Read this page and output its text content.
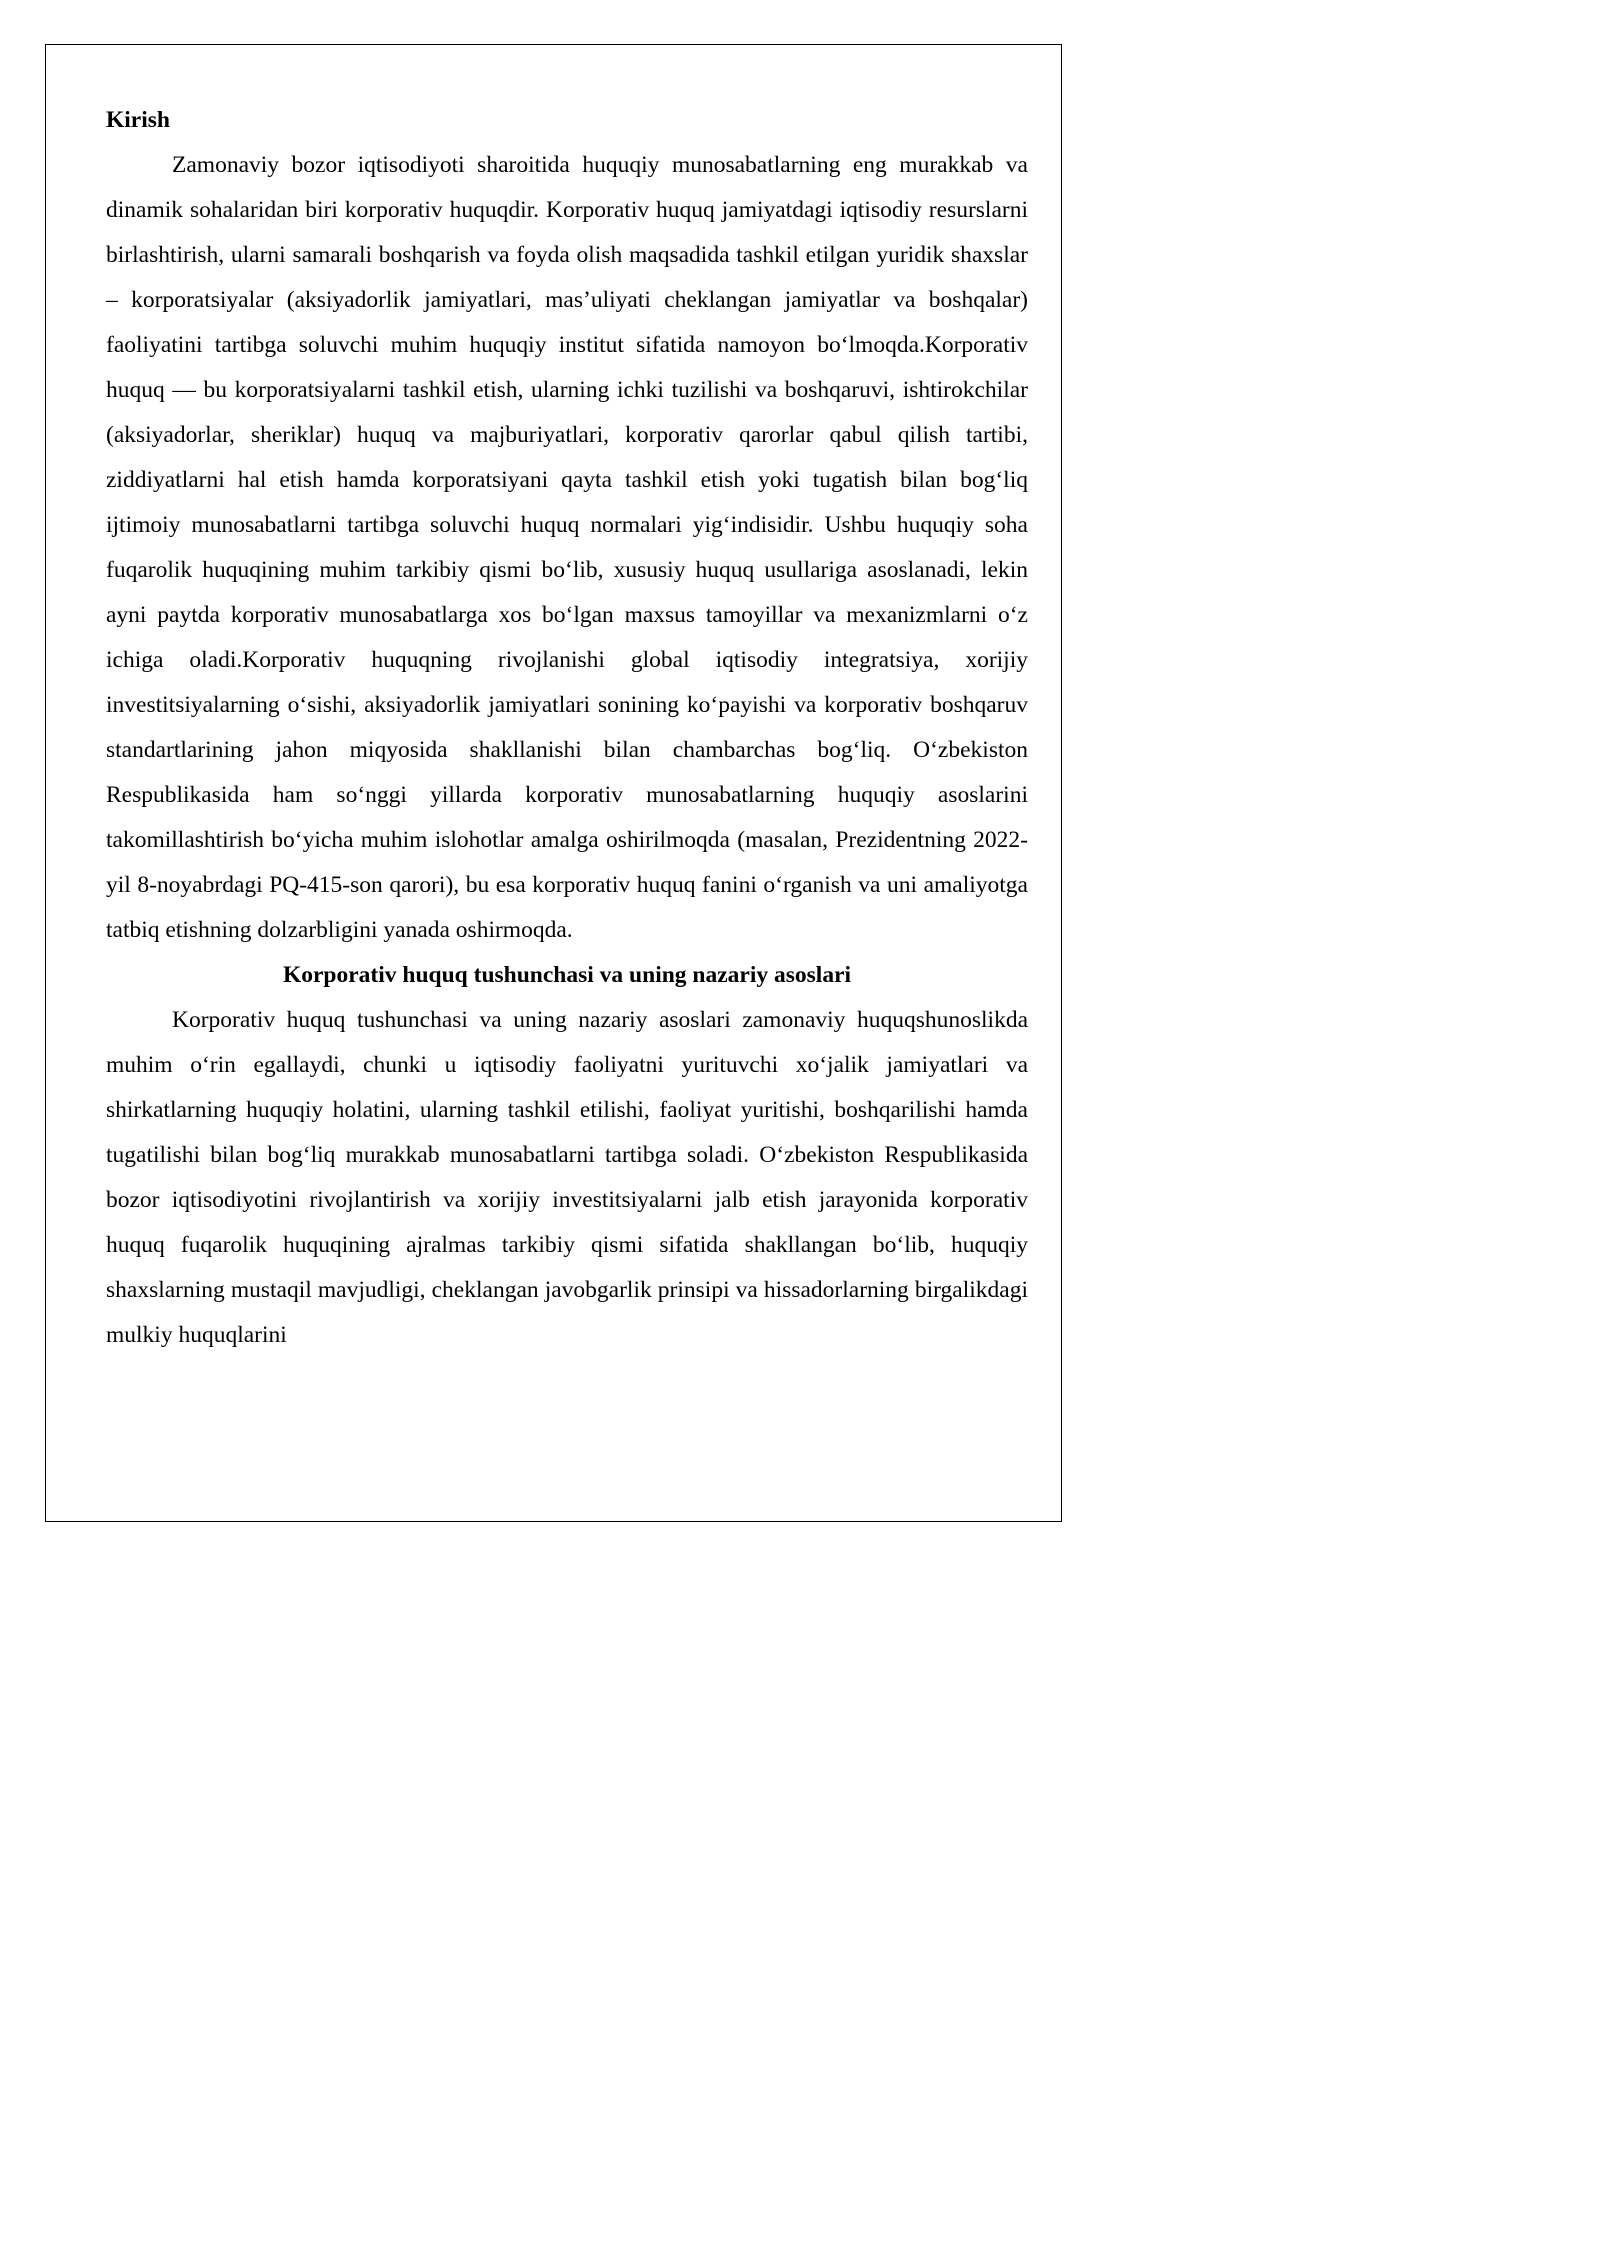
Kirish

Zamonaviy bozor iqtisodiyoti sharoitida huquqiy munosabatlarning eng murakkab va dinamik sohalaridan biri korporativ huquqdir. Korporativ huquq jamiyatdagi iqtisodiy resurslarni birlashtirish, ularni samarali boshqarish va foyda olish maqsadida tashkil etilgan yuridik shaxslar – korporatsiyalar (aksiyadorlik jamiyatlari, mas’uliyati cheklangan jamiyatlar va boshqalar) faoliyatini tartibga soluvchi muhim huquqiy institut sifatida namoyon boʻlmoqda.Korporativ huquq — bu korporatsiyalarni tashkil etish, ularning ichki tuzilishi va boshqaruvi, ishtirokchilar (aksiyadorlar, sheriklar) huquq va majburiyatlari, korporativ qarorlar qabul qilish tartibi, ziddiyatlarni hal etish hamda korporatsiyani qayta tashkil etish yoki tugatish bilan bogʻliq ijtimoiy munosabatlarni tartibga soluvchi huquq normalari yigʻindisidir. Ushbu huquqiy soha fuqarolik huquqining muhim tarkibiy qismi boʻlib, xususiy huquq usullariga asoslanadi, lekin ayni paytda korporativ munosabatlarga xos boʻlgan maxsus tamoyillar va mexanizmlarni oʻz ichiga oladi.Korporativ huquqning rivojlanishi global iqtisodiy integratsiya, xorijiy investitsiyalarning oʻsishi, aksiyadorlik jamiyatlari sonining koʻpayishi va korporativ boshqaruv standartlarining jahon miqyosida shakllanishi bilan chambarchas bogʻliq. Oʻzbekiston Respublikasida ham soʻnggi yillarda korporativ munosabatlarning huquqiy asoslarini takomillashtirish boʻyicha muhim islohotlar amalga oshirilmoqda (masalan, Prezidentning 2022-yil 8-noyabrdagi PQ-415-son qarori), bu esa korporativ huquq fanini oʻrganish va uni amaliyotga tatbiq etishning dolzarbligini yanada oshirmoqda.

Korporativ huquq tushunchasi va uning nazariy asoslari

Korporativ huquq tushunchasi va uning nazariy asoslari zamonaviy huquqshunoslikda muhim oʻrin egallaydi, chunki u iqtisodiy faoliyatni yurituvchi xoʻjalik jamiyatlari va shirkatlarning huquqiy holatini, ularning tashkil etilishi, faoliyat yuritishi, boshqarilishi hamda tugatilishi bilan bogʻliq murakkab munosabatlarni tartibga soladi. Oʻzbekiston Respublikasida bozor iqtisodiyotini rivojlantirish va xorijiy investitsiyalarni jalb etish jarayonida korporativ huquq fuqarolik huquqining ajralmas tarkibiy qismi sifatida shakllangan boʻlib, huquqiy shaxslarning mustaqil mavjudligi, cheklangan javobgarlik prinsipi va hissadorlarning birgalikdagi mulkiy huquqlarini
